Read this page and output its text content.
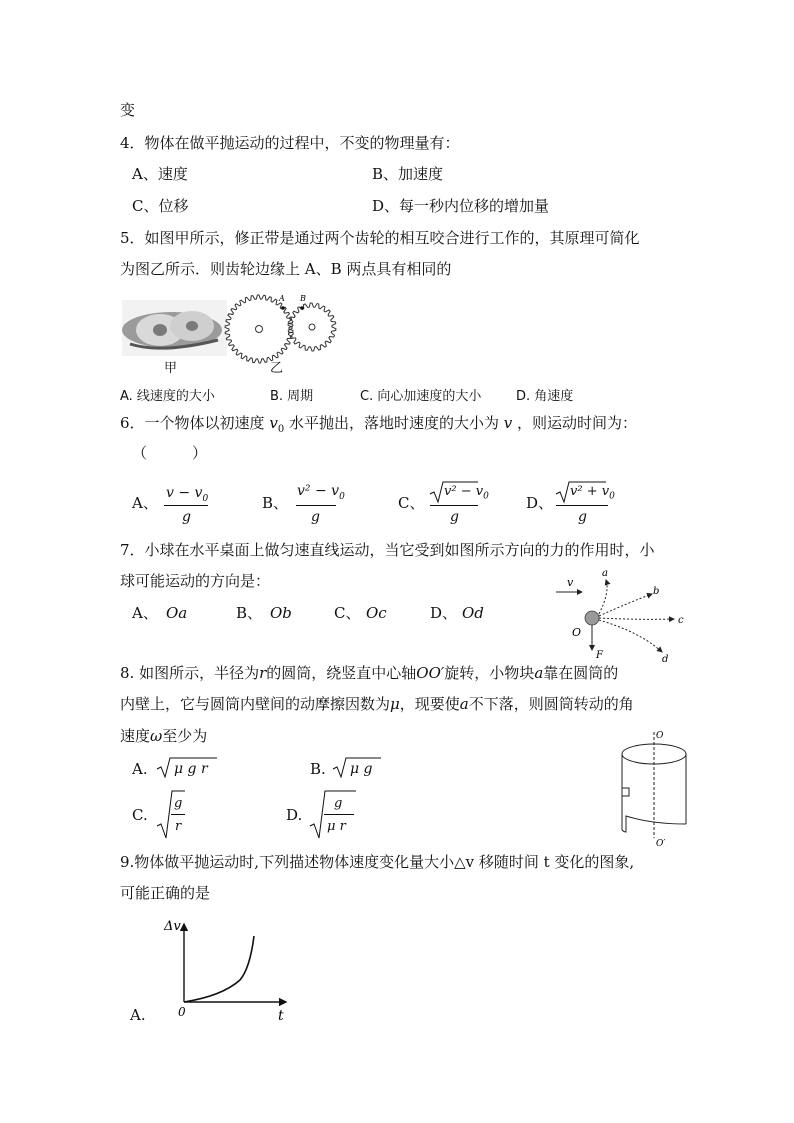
变
4．物体在做平抛运动的过程中，不变的物理量有：
A、速度	B、加速度
C、位移	D、每一秒内位移的增加量
5．如图甲所示，修正带是通过两个齿轮的相互咬合进行工作的，其原理可简化
为图乙所示．则齿轮边缘上 A、B 两点具有相同的
甲
A B
乙
A. 线速度的大小	B. 周期	C. 向心加速度的大小	D. 角速度
6．一个物体以初速度 $v_0$ 水平抛出，落地时速度的大小为 v ，则运动时间为：
（　　　）
A、
$v - v_0$
g
B、
$v^2 - v_0$
g
C、
$v^2 - v_0$
g
D、
$v^2 + v_0$
g
7．小球在水平桌面上做匀速直线运动，当它受到如图所示方向的力的作用时，小
球可能运动的方向是：
A、 Oa	B、 Ob	C、 Oc	D、 Od
v
O
F
a
b
c
d
8. 如图所示，半径为r的圆筒，绕竖直中心轴OO′旋转，小物块a靠在圆筒的
内壁上，它与圆筒内壁间的动摩擦因数为μ，现要使a不下落，则圆筒转动的角
速度ω至少为
A. μ g r	B. μ g
C.
g
r
D.
g
μ r
O
O′
9.物体做平抛运动时,下列描述物体速度变化量大小△v 移随时间 t 变化的图象,
可能正确的是
Δv
t
0
A.
